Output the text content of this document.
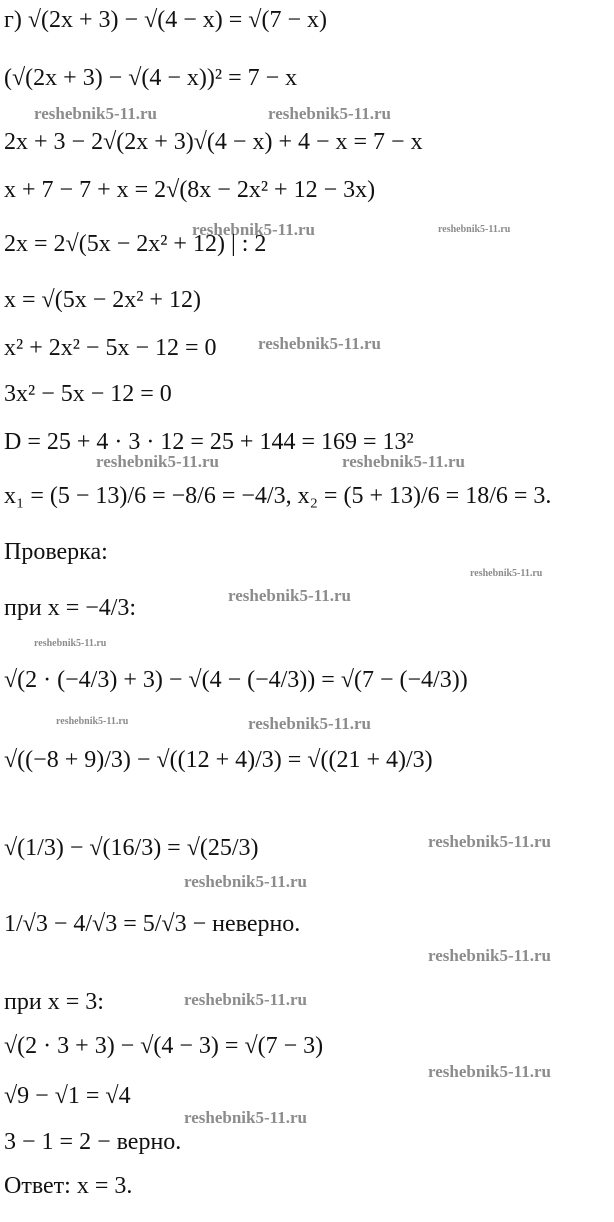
reshebnik5-11.ru	reshebnik5-11.ru
reshebnik5-11.ru	reshebnik5-11.ru
reshebnik5-11.ru
reshebnik5-11.ru	reshebnik5-11.ru
reshebnik5-11.ru
reshebnik5-11.ru
reshebnik5-11.ru
reshebnik5-11.ru	reshebnik5-11.ru
reshebnik5-11.ru
reshebnik5-11.ru
reshebnik5-11.ru
reshebnik5-11.ru
reshebnik5-11.ru
reshebnik5-11.ru
г) √(2x + 3) − √(4 − x) = √(7 − x)
(√(2x + 3) − √(4 − x))² = 7 − x
2x + 3 − 2√(2x + 3)√(4 − x) + 4 − x = 7 − x
x + 7 − 7 + x = 2√(8x − 2x² + 12 − 3x)
2x = 2√(5x − 2x² + 12) | : 2
x = √(5x − 2x² + 12)
x² + 2x² − 5x − 12 = 0
3x² − 5x − 12 = 0
D = 25 + 4 · 3 · 12 = 25 + 144 = 169 = 13²
x₁ = (5 − 13)/6 = −8/6 = −4/3, x₂ = (5 + 13)/6 = 18/6 = 3.
Проверка:
при x = −4/3:
√(2 · (−4/3) + 3) − √(4 − (−4/3)) = √(7 − (−4/3))
√((−8 + 9)/3) − √((12 + 4)/3) = √((21 + 4)/3)
√(1/3) − √(16/3) = √(25/3)
1/√3 − 4/√3 = 5/√3 − неверно.
при x = 3:
√(2 · 3 + 3) − √(4 − 3) = √(7 − 3)
√9 − √1 = √4
3 − 1 = 2 − верно.
Ответ: x = 3.
